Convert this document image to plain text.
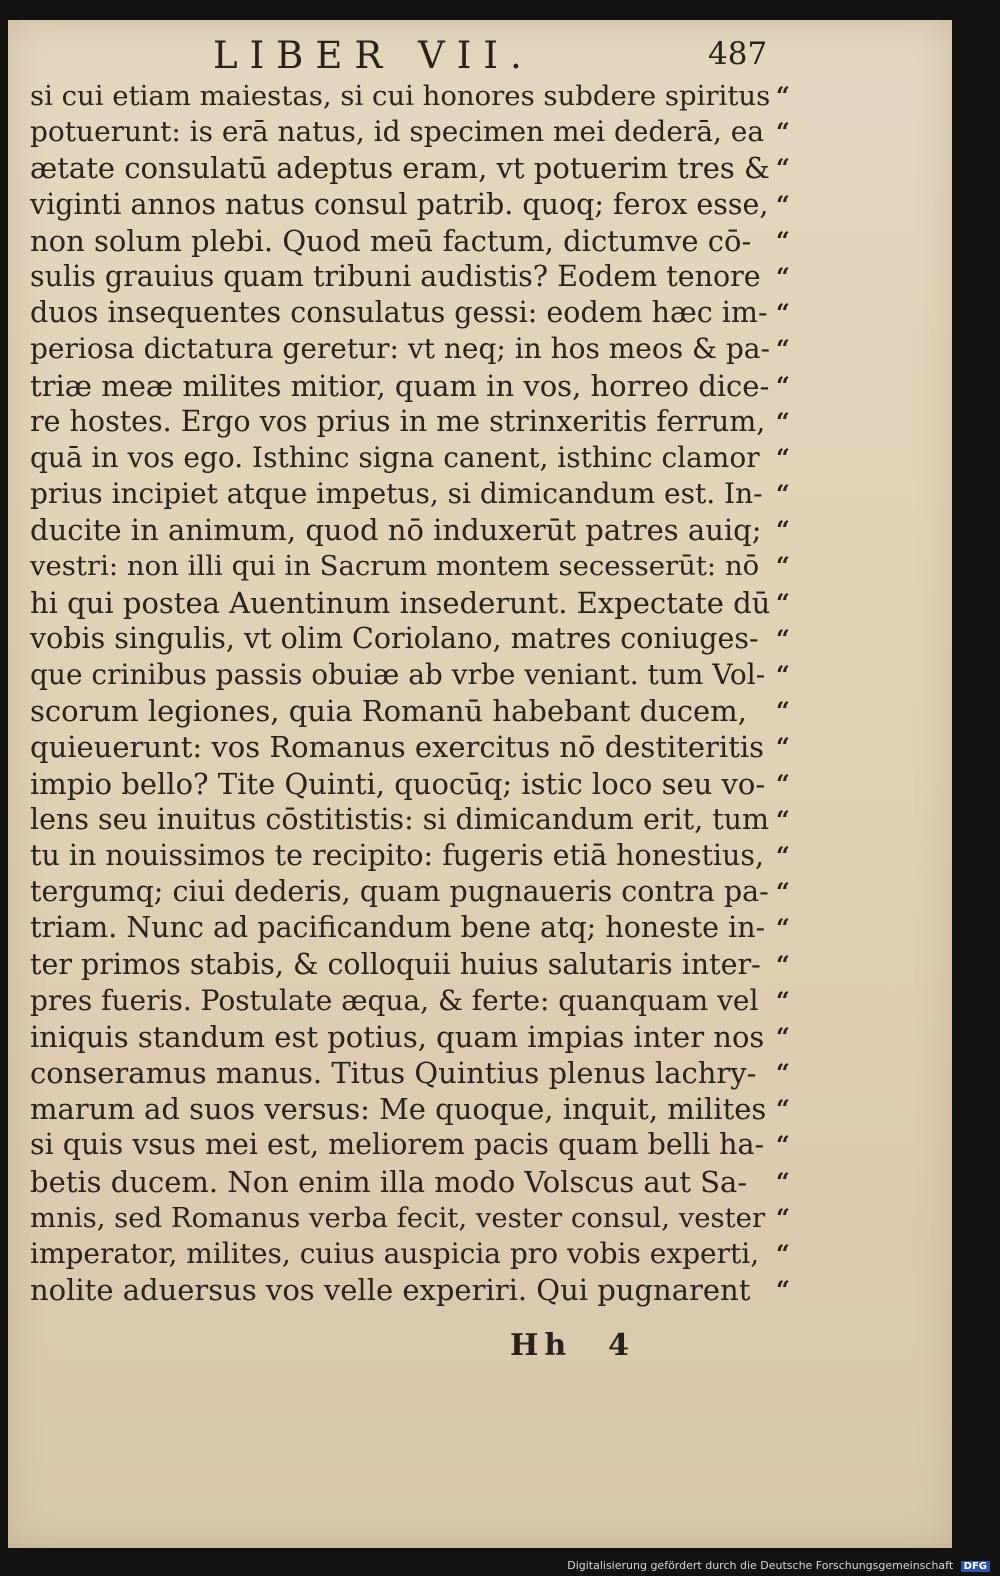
LIBER VII.	487
si cui etiam maiestas, si cui honores subdere spiritus
potuerunt: is erā natus, id specimen mei dederā, ea
ætate consulatū adeptus eram, vt potuerim tres &
viginti annos natus consul patrib. quoq; ferox esse,
non solum plebi. Quod meū factum, dictumve cō-
sulis grauius quam tribuni audistis? Eodem tenore
duos insequentes consulatus gessi: eodem hæc im-
periosa dictatura geretur: vt neq; in hos meos & pa-
triæ meæ milites mitior, quam in vos, horreo dice-
re hostes. Ergo vos prius in me strinxeritis ferrum,
quā in vos ego. Isthinc signa canent, isthinc clamor
prius incipiet atque impetus, si dimicandum est. In-
ducite in animum, quod nō induxerūt patres auiq;
vestri: non illi qui in Sacrum montem secesserūt: nō
hi qui postea Auentinum insederunt. Expectate dū
vobis singulis, vt olim Coriolano, matres coniuges-
que crinibus passis obuiæ ab vrbe veniant. tum Vol-
scorum legiones, quia Romanū habebant ducem,
quieuerunt: vos Romanus exercitus nō destiteritis
impio bello? Tite Quinti, quocūq; istic loco seu vo-
lens seu inuitus cōstitistis: si dimicandum erit, tum
tu in nouissimos te recipito: fugeris etiā honestius,
tergumq; ciui dederis, quam pugnaueris contra pa-
triam. Nunc ad pacificandum bene atq; honeste in-
ter primos stabis, & colloquii huius salutaris inter-
pres fueris. Postulate æqua, & ferte: quanquam vel
iniquis standum est potius, quam impias inter nos
conseramus manus. Titus Quintius plenus lachry-
marum ad suos versus: Me quoque, inquit, milites
si quis vsus mei est, meliorem pacis quam belli ha-
betis ducem. Non enim illa modo Volscus aut Sa-
mnis, sed Romanus verba fecit, vester consul, vester
imperator, milites, cuius auspicia pro vobis experti,
nolite aduersus vos velle experiri. Qui pugnarent
“
“
“
“
“
“
“
“
“
“
“
“
“
“
“
“
“
“
“
“
“
“
“
“
“
“
“
“
“
“
“
“
“
“
Hh 4
Digitalisierung gefördert durch die Deutsche Forschungsgemeinschaft DFG
